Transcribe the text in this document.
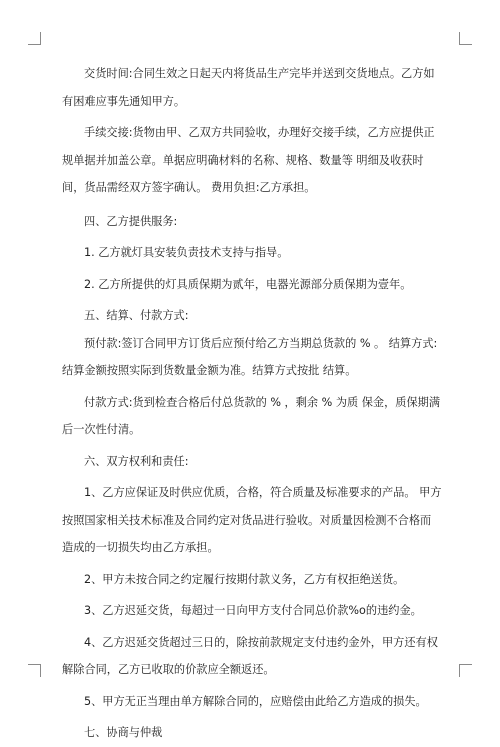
交货时间:合同生效之日起天内将货品生产完毕并送到交货地点。乙方如有困难应事先通知甲方。

手续交接:货物由甲、乙双方共同验收，办理好交接手续，乙方应提供正规单据并加盖公章。单据应明确材料的名称、规格、数量等 明细及收获时间，货品需经双方签字确认。 费用负担:乙方承担。

四、乙方提供服务:

1. 乙方就灯具安装负责技术支持与指导。

2. 乙方所提供的灯具质保期为贰年，电器光源部分质保期为壹年。

五、结算、付款方式:

预付款:签订合同甲方订货后应预付给乙方当期总货款的 % 。 结算方式:结算金额按照实际到货数量金额为准。结算方式按批 结算。

付款方式:货到检查合格后付总货款的 % ，剩余 % 为质 保金，质保期满后一次性付清。

六、双方权利和责任:

1、乙方应保证及时供应优质，合格，符合质量及标准要求的产品。 甲方按照国家相关技术标准及合同约定对货品进行验收。对质量因检测不合格而造成的一切损失均由乙方承担。

2、甲方未按合同之约定履行按期付款义务，乙方有权拒绝送货。

3、乙方迟延交货，每超过一日向甲方支付合同总价款%o的违约金。

4、乙方迟延交货超过三日的，除按前款规定支付违约金外，甲方还有权解除合同，乙方已收取的价款应全额返还。

5、甲方无正当理由单方解除合同的，应赔偿由此给乙方造成的损失。

七、协商与仲裁
